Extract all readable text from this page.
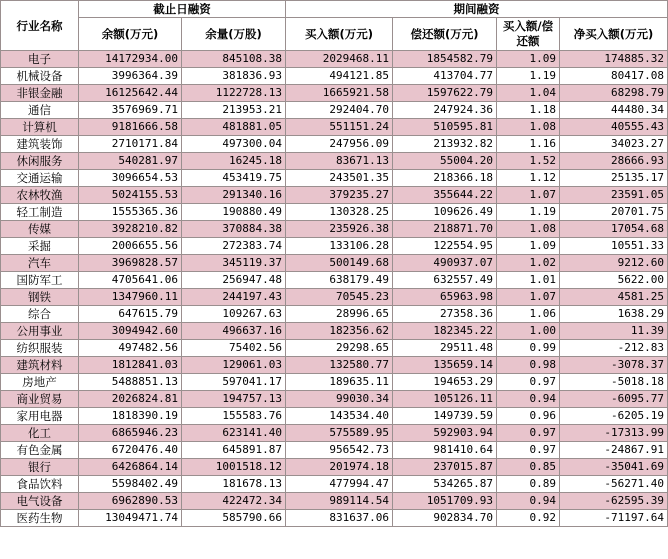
行业名称	截止日融资		期间融资			
	余额(万元)	余量(万股)	买入额(万元)	偿还额(万元)	买入额/偿还额	净买入额(万元)
电子	14172934.00	845108.38	2029468.11	1854582.79	1.09	174885.32
机械设备	3996364.39	381836.93	494121.85	413704.77	1.19	80417.08
非银金融	16125642.44	1122728.13	1665921.58	1597622.79	1.04	68298.79
通信	3576969.71	213953.21	292404.70	247924.36	1.18	44480.34
计算机	9181666.58	481881.05	551151.24	510595.81	1.08	40555.43
建筑装饰	2710171.84	497300.04	247956.09	213932.82	1.16	34023.27
休闲服务	540281.97	16245.18	83671.13	55004.20	1.52	28666.93
交通运输	3096654.53	453419.75	243501.35	218366.18	1.12	25135.17
农林牧渔	5024155.53	291340.16	379235.27	355644.22	1.07	23591.05
轻工制造	1555365.36	190880.49	130328.25	109626.49	1.19	20701.75
传媒	3928210.82	370884.38	235926.38	218871.70	1.08	17054.68
采掘	2006655.56	272383.74	133106.28	122554.95	1.09	10551.33
汽车	3969828.57	345119.37	500149.68	490937.07	1.02	9212.60
国防军工	4705641.06	256947.48	638179.49	632557.49	1.01	5622.00
钢铁	1347960.11	244197.43	70545.23	65963.98	1.07	4581.25
综合	647615.79	109267.63	28996.65	27358.36	1.06	1638.29
公用事业	3094942.60	496637.16	182356.62	182345.22	1.00	11.39
纺织服装	497482.56	75402.56	29298.65	29511.48	0.99	-212.83
建筑材料	1812841.03	129061.03	132580.77	135659.14	0.98	-3078.37
房地产	5488851.13	597041.17	189635.11	194653.29	0.97	-5018.18
商业贸易	2026824.81	194757.13	99030.34	105126.11	0.94	-6095.77
家用电器	1818390.19	155583.76	143534.40	149739.59	0.96	-6205.19
化工	6865946.23	623141.40	575589.95	592903.94	0.97	-17313.99
有色金属	6720476.40	645891.87	956542.73	981410.64	0.97	-24867.91
银行	6426864.14	1001518.12	201974.18	237015.87	0.85	-35041.69
食品饮料	5598402.49	181678.13	477994.47	534265.87	0.89	-56271.40
电气设备	6962890.53	422472.34	989114.54	1051709.93	0.94	-62595.39
医药生物	13049471.74	585790.66	831637.06	902834.70	0.92	-71197.64
